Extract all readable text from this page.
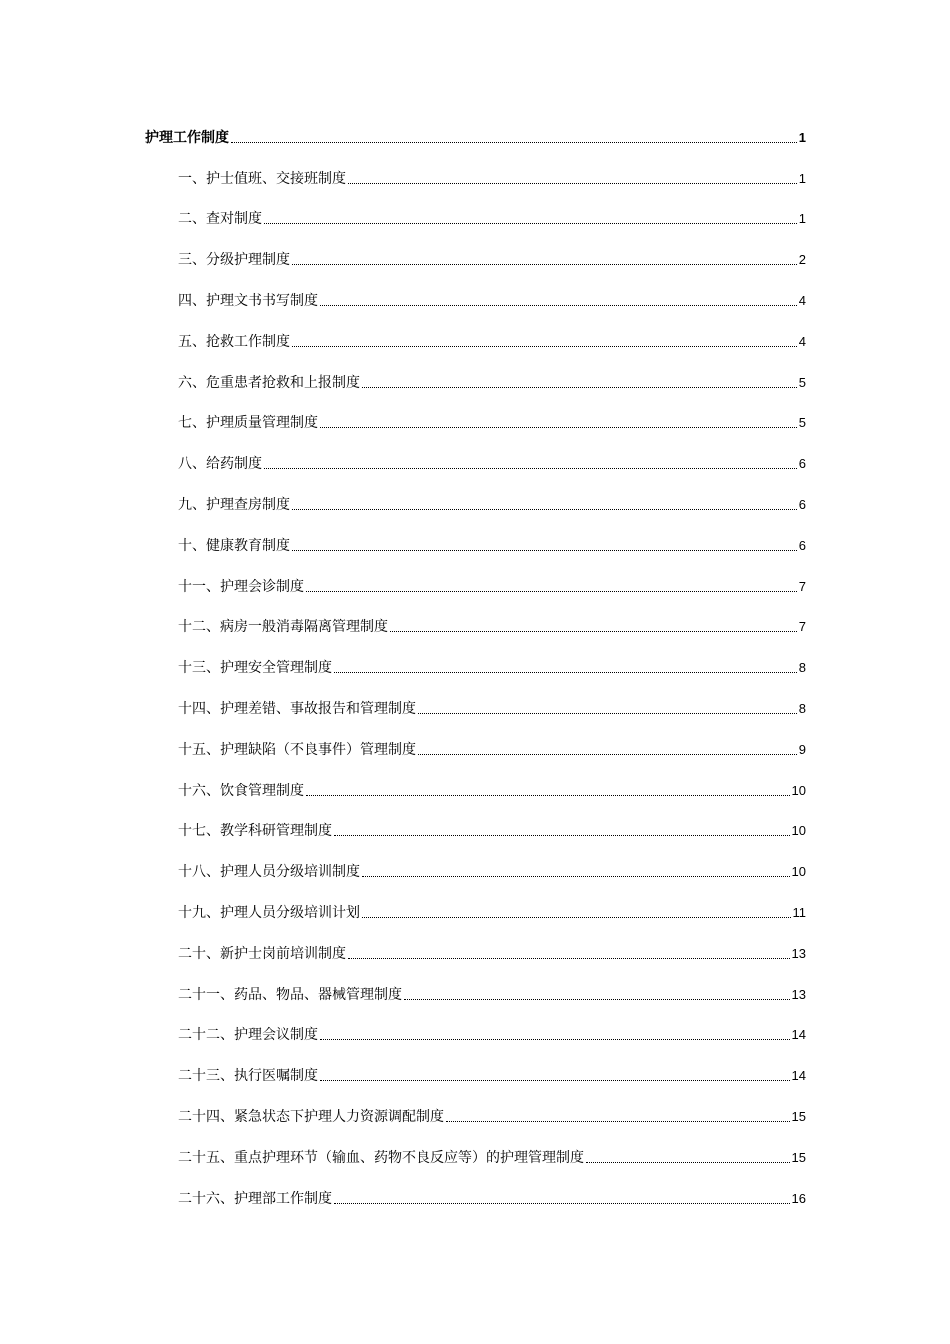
护理工作制度	1
一、护士值班、交接班制度	1
二、查对制度	1
三、分级护理制度	2
四、护理文书书写制度	4
五、抢救工作制度	4
六、危重患者抢救和上报制度	5
七、护理质量管理制度	5
八、给药制度	6
九、护理查房制度	6
十、健康教育制度	6
十一、护理会诊制度	7
十二、病房一般消毒隔离管理制度	7
十三、护理安全管理制度	8
十四、护理差错、事故报告和管理制度	8
十五、护理缺陷（不良事件）管理制度	9
十六、饮食管理制度	10
十七、教学科研管理制度	10
十八、护理人员分级培训制度	10
十九、护理人员分级培训计划	11
二十、新护士岗前培训制度	13
二十一、药品、物品、器械管理制度	13
二十二、护理会议制度	14
二十三、执行医嘱制度	14
二十四、紧急状态下护理人力资源调配制度	15
二十五、重点护理环节（输血、药物不良反应等）的护理管理制度	15
二十六、护理部工作制度	16
